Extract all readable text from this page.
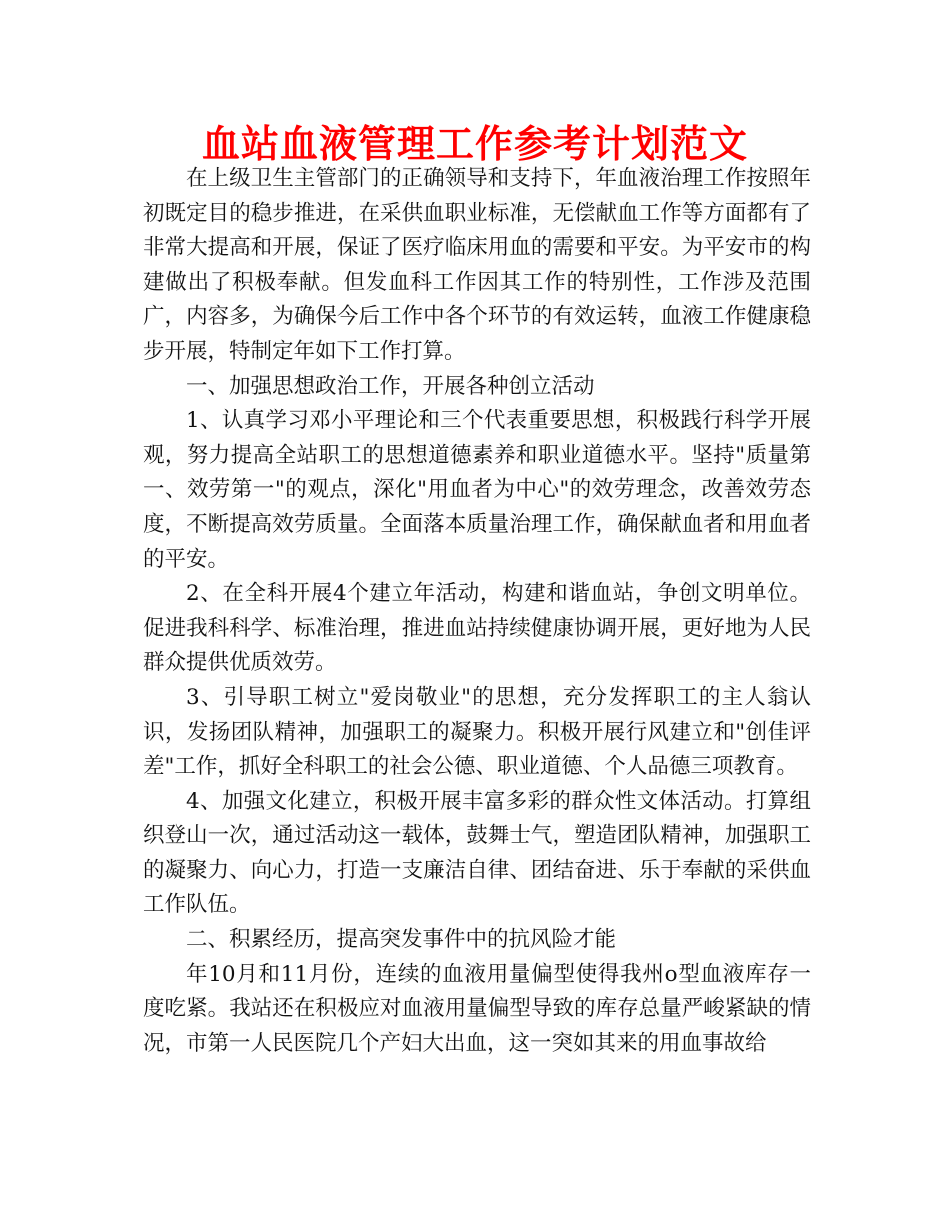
血站血液管理工作参考计划范文

在上级卫生主管部门的正确领导和支持下，年血液治理工作按照年初既定目的稳步推进，在采供血职业标准，无偿献血工作等方面都有了非常大提高和开展，保证了医疗临床用血的需要和平安。为平安市的构建做出了积极奉献。但发血科工作因其工作的特别性，工作涉及范围广，内容多，为确保今后工作中各个环节的有效运转，血液工作健康稳步开展，特制定年如下工作打算。

一、加强思想政治工作，开展各种创立活动

1、认真学习邓小平理论和三个代表重要思想，积极践行科学开展观，努力提高全站职工的思想道德素养和职业道德水平。坚持"质量第一、效劳第一"的观点，深化"用血者为中心"的效劳理念，改善效劳态度，不断提高效劳质量。全面落本质量治理工作，确保献血者和用血者的平安。

2、在全科开展4个建立年活动，构建和谐血站，争创文明单位。促进我科科学、标准治理，推进血站持续健康协调开展，更好地为人民群众提供优质效劳。

3、引导职工树立"爱岗敬业"的思想，充分发挥职工的主人翁认识，发扬团队精神，加强职工的凝聚力。积极开展行风建立和"创佳评差"工作，抓好全科职工的社会公德、职业道德、个人品德三项教育。

4、加强文化建立，积极开展丰富多彩的群众性文体活动。打算组织登山一次，通过活动这一载体，鼓舞士气，塑造团队精神，加强职工的凝聚力、向心力，打造一支廉洁自律、团结奋进、乐于奉献的采供血工作队伍。

二、积累经历，提高突发事件中的抗风险才能

年10月和11月份，连续的血液用量偏型使得我州o型血液库存一度吃紧。我站还在积极应对血液用量偏型导致的库存总量严峻紧缺的情况，市第一人民医院几个产妇大出血，这一突如其来的用血事故给
